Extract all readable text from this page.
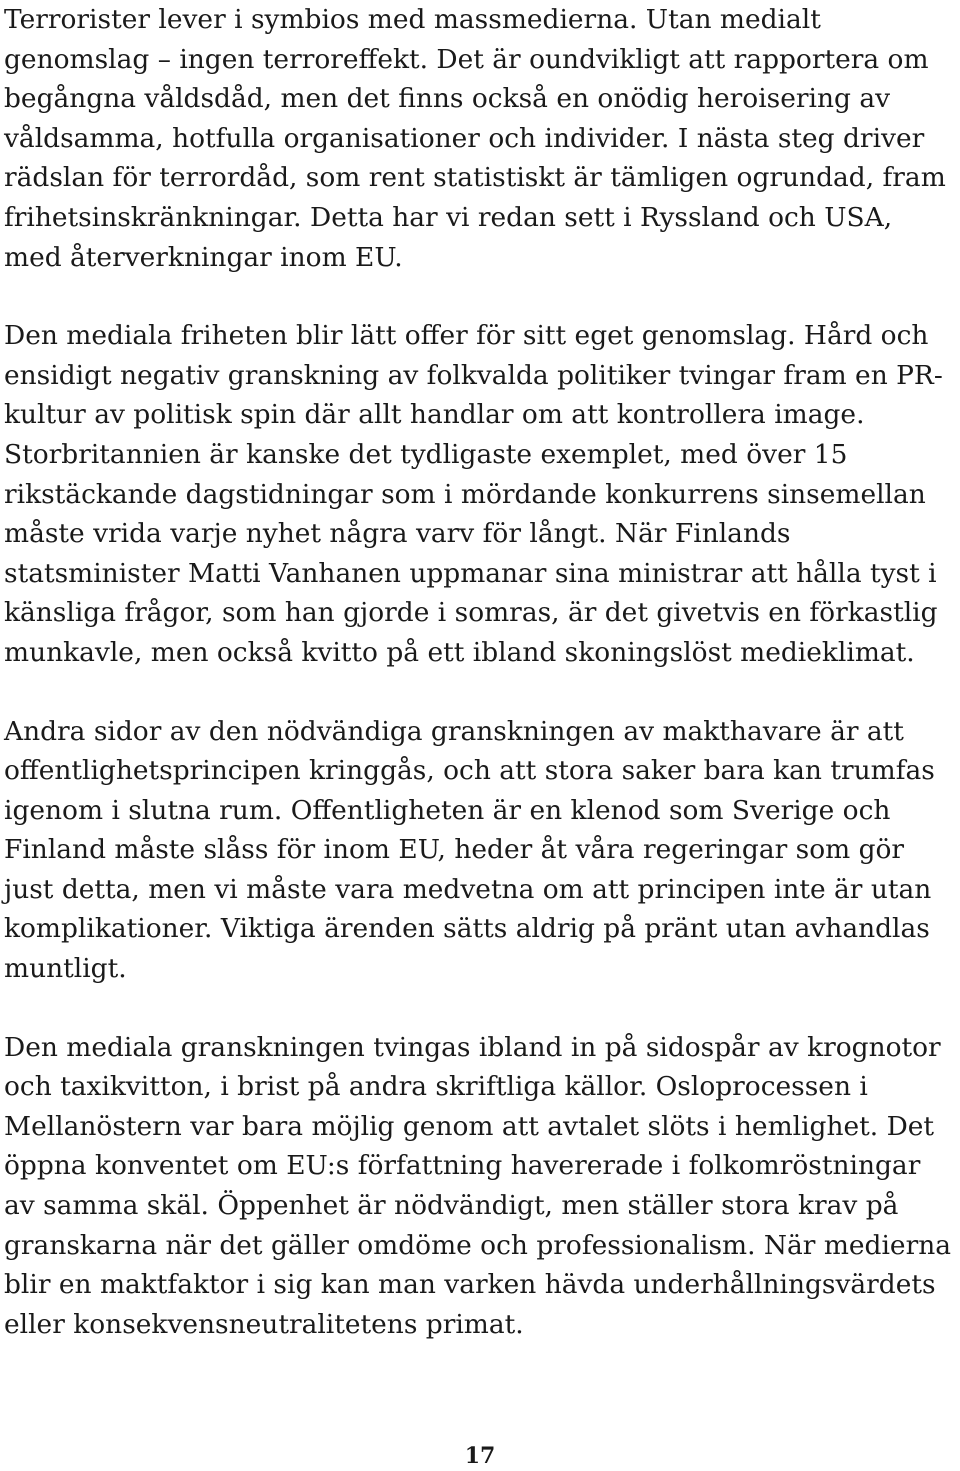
Terrorister lever i symbios med massmedierna. Utan medialt
genomslag – ingen terroreffekt. Det är oundvikligt att rapportera om
begångna våldsdåd, men det finns också en onödig heroisering av
våldsamma, hotfulla organisationer och individer. I nästa steg driver
rädslan för terrordåd, som rent statistiskt är tämligen ogrundad, fram
frihetsinskränkningar. Detta har vi redan sett i Ryssland och USA,
med återverkningar inom EU.

Den mediala friheten blir lätt offer för sitt eget genomslag. Hård och
ensidigt negativ granskning av folkvalda politiker tvingar fram en PR-
kultur av politisk spin där allt handlar om att kontrollera image.
Storbritannien är kanske det tydligaste exemplet, med över 15
rikstäckande dagstidningar som i mördande konkurrens sinsemellan
måste vrida varje nyhet några varv för långt. När Finlands
statsminister Matti Vanhanen uppmanar sina ministrar att hålla tyst i
känsliga frågor, som han gjorde i somras, är det givetvis en förkastlig
munkavle, men också kvitto på ett ibland skoningslöst medieklimat.

Andra sidor av den nödvändiga granskningen av makthavare är att
offentlighetsprincipen kringgås, och att stora saker bara kan trumfas
igenom i slutna rum. Offentligheten är en klenod som Sverige och
Finland måste slåss för inom EU, heder åt våra regeringar som gör
just detta, men vi måste vara medvetna om att principen inte är utan
komplikationer. Viktiga ärenden sätts aldrig på pränt utan avhandlas
muntligt.

Den mediala granskningen tvingas ibland in på sidospår av krognotor
och taxikvitton, i brist på andra skriftliga källor. Osloprocessen i
Mellanöstern var bara möjlig genom att avtalet slöts i hemlighet. Det
öppna konventet om EU:s författning havererade i folkomröstningar
av samma skäl. Öppenhet är nödvändigt, men ställer stora krav på
granskarna när det gäller omdöme och professionalism. När medierna
blir en maktfaktor i sig kan man varken hävda underhållningsvärdets
eller konsekvensneutralitetens primat.

17
